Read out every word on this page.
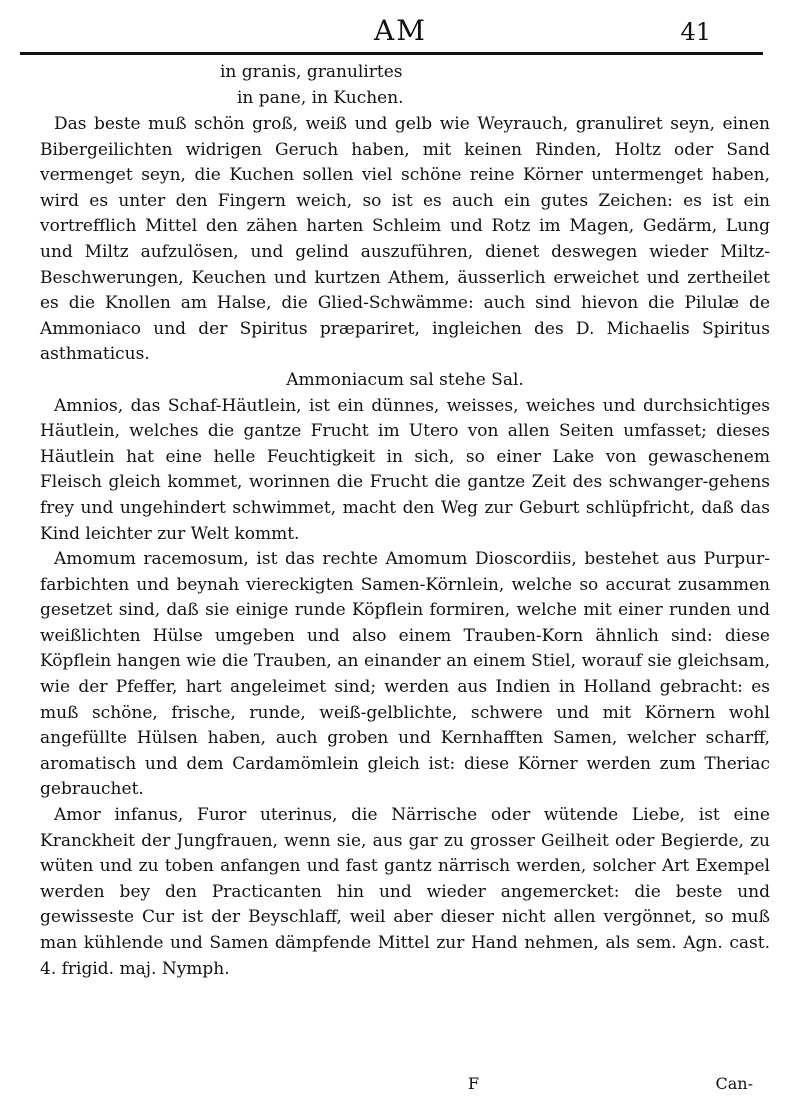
AM	41
in granis, granulirtes
in pane, in Kuchen.

Das beste muß schön groß, weiß und gelb wie Weyrauch, granuliret seyn, einen Bibergeilichten widrigen Geruch haben, mit keinen Rinden, Holtz oder Sand vermenget seyn, die Kuchen sollen viel schöne reine Körner untermenget haben, wird es unter den Fingern weich, so ist es auch ein gutes Zeichen: es ist ein vortrefflich Mittel den zähen harten Schleim und Rotz im Magen, Gedärm, Lung und Miltz aufzulösen, und gelind auszuführen, dienet deswegen wieder Miltz-Beschwerungen, Keuchen und kurtzen Athem, äusserlich erweichet und zertheilet es die Knollen am Halse, die Glied-Schwämme: auch sind hievon die Pilulæ de Ammoniaco und der Spiritus præpariret, ingleichen des D. Michaelis Spiritus asthmaticus.

Ammoniacum sal stehe Sal.

Amnios, das Schaf-Häutlein, ist ein dünnes, weisses, weiches und durchsichtiges Häutlein, welches die gantze Frucht im Utero von allen Seiten umfasset; dieses Häutlein hat eine helle Feuchtigkeit in sich, so einer Lake von gewaschenem Fleisch gleich kommet, worinnen die Frucht die gantze Zeit des schwanger-gehens frey und ungehindert schwimmet, macht den Weg zur Geburt schlüpfricht, daß das Kind leichter zur Welt kommt.

Amomum racemosum, ist das rechte Amomum Dioscordiis, bestehet aus Purpur-farbichten und beynah viereckigten Samen-Körnlein, welche so accurat zusammen gesetzet sind, daß sie einige runde Köpflein formiren, welche mit einer runden und weißlichten Hülse umgeben und also einem Trauben-Korn ähnlich sind: diese Köpflein hangen wie die Trauben, an einander an einem Stiel, worauf sie gleichsam, wie der Pfeffer, hart angeleimet sind; werden aus Indien in Holland gebracht: es muß schöne, frische, runde, weiß-gelblichte, schwere und mit Körnern wohl angefüllte Hülsen haben, auch groben und Kernhafften Samen, welcher scharff, aromatisch und dem Cardamömlein gleich ist: diese Körner werden zum Theriac gebrauchet.

Amor infanus, Furor uterinus, die Närrische oder wütende Liebe, ist eine Kranckheit der Jungfrauen, wenn sie, aus gar zu grosser Geilheit oder Begierde, zu wüten und zu toben anfangen und fast gantz närrisch werden, solcher Art Exempel werden bey den Practicanten hin und wieder angemercket: die beste und gewisseste Cur ist der Beyschlaff, weil aber dieser nicht allen vergönnet, so muß man kühlende und Samen dämpfende Mittel zur Hand nehmen, als sem. Agn. cast. 4. frigid. maj. Nymph.

F	Can-
